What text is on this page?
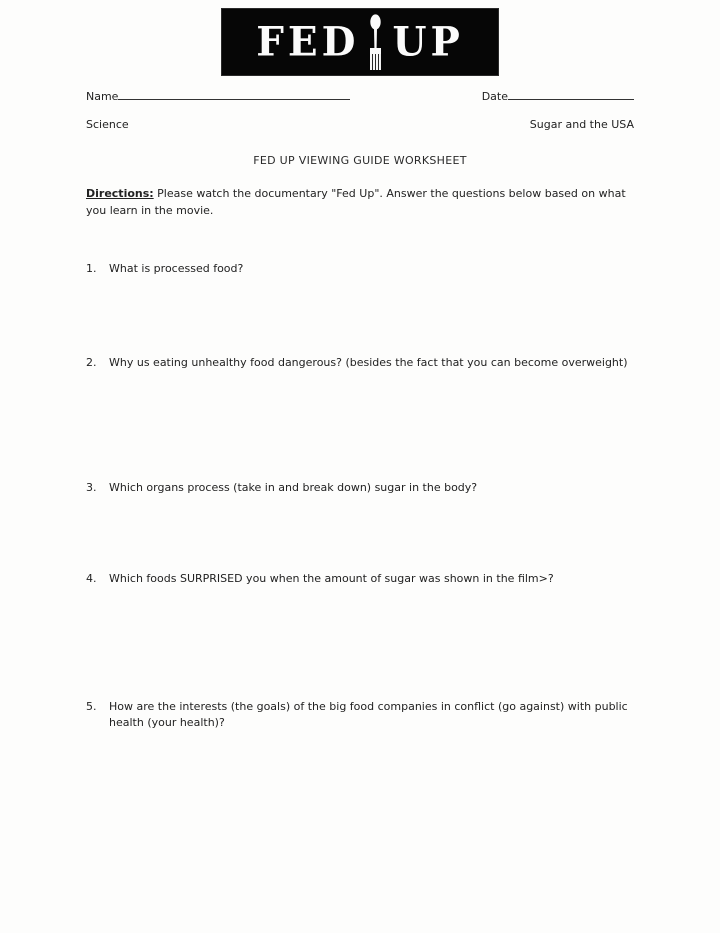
FED UP
Name	Date
Science	Sugar and the USA
FED UP VIEWING GUIDE WORKSHEET
Directions: Please watch the documentary "Fed Up". Answer the questions below based on what you learn in the movie.
1.	What is processed food?
2.	Why us eating unhealthy food dangerous? (besides the fact that you can become overweight)
3.	Which organs process (take in and break down) sugar in the body?
4.	Which foods SURPRISED you when the amount of sugar was shown in the film>?
5.	How are the interests (the goals) of the big food companies in conflict (go against) with public health (your health)?
